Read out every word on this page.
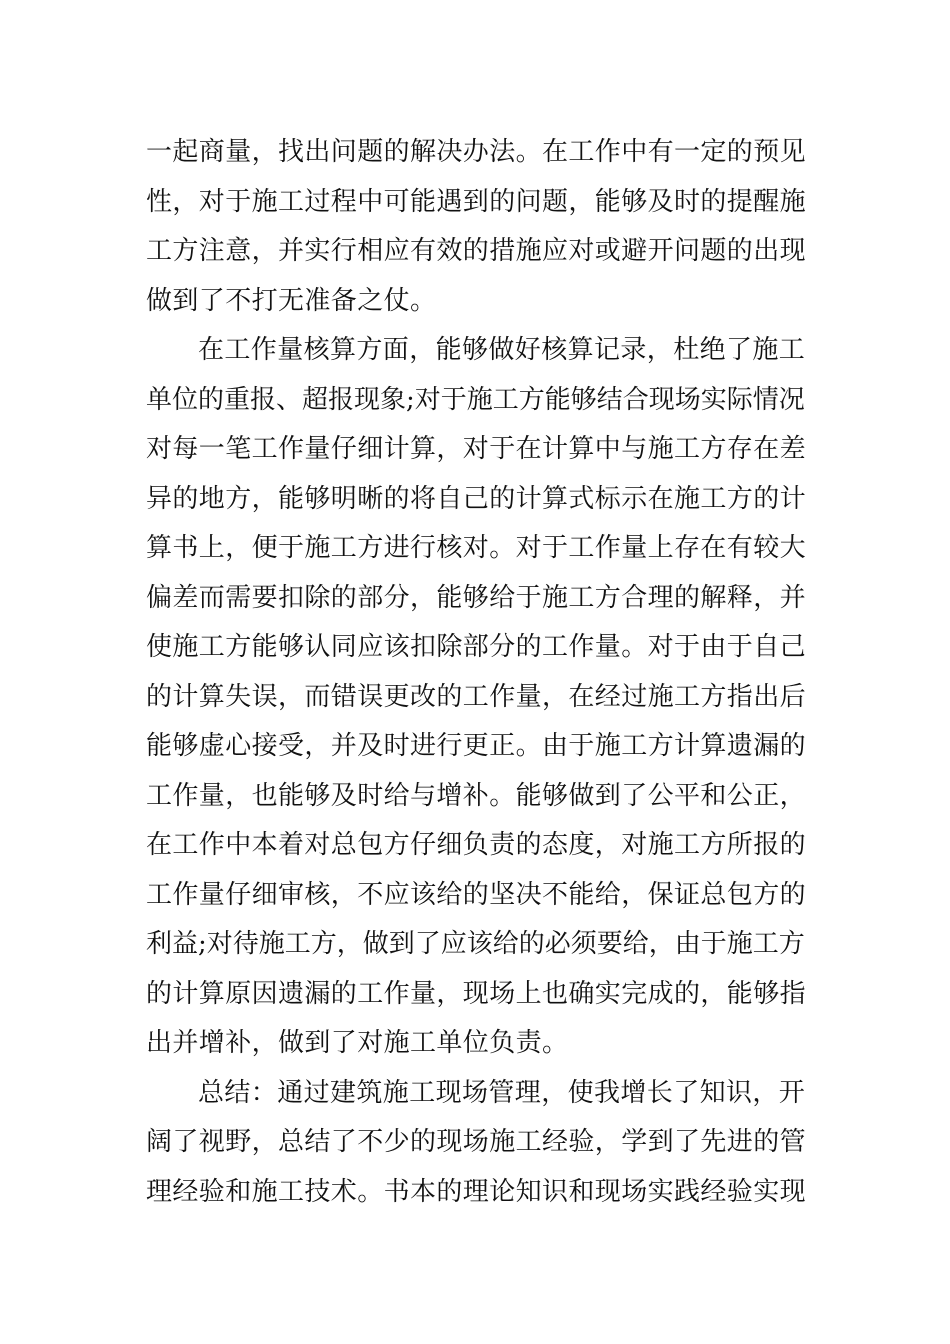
一起商量，找出问题的解决办法。在工作中有一定的预见
性，对于施工过程中可能遇到的问题，能够及时的提醒施
工方注意，并实行相应有效的措施应对或避开问题的出现
做到了不打无准备之仗。
在工作量核算方面，能够做好核算记录，杜绝了施工
单位的重报、超报现象;对于施工方能够结合现场实际情况
对每一笔工作量仔细计算，对于在计算中与施工方存在差
异的地方，能够明晰的将自己的计算式标示在施工方的计
算书上，便于施工方进行核对。对于工作量上存在有较大
偏差而需要扣除的部分，能够给于施工方合理的解释，并
使施工方能够认同应该扣除部分的工作量。对于由于自己
的计算失误，而错误更改的工作量，在经过施工方指出后
能够虚心接受，并及时进行更正。由于施工方计算遗漏的
工作量，也能够及时给与增补。能够做到了公平和公正，
在工作中本着对总包方仔细负责的态度，对施工方所报的
工作量仔细审核，不应该给的坚决不能给，保证总包方的
利益;对待施工方，做到了应该给的必须要给，由于施工方
的计算原因遗漏的工作量，现场上也确实完成的，能够指
出并增补，做到了对施工单位负责。
总结：通过建筑施工现场管理，使我增长了知识，开
阔了视野，总结了不少的现场施工经验，学到了先进的管
理经验和施工技术。书本的理论知识和现场实践经验实现
